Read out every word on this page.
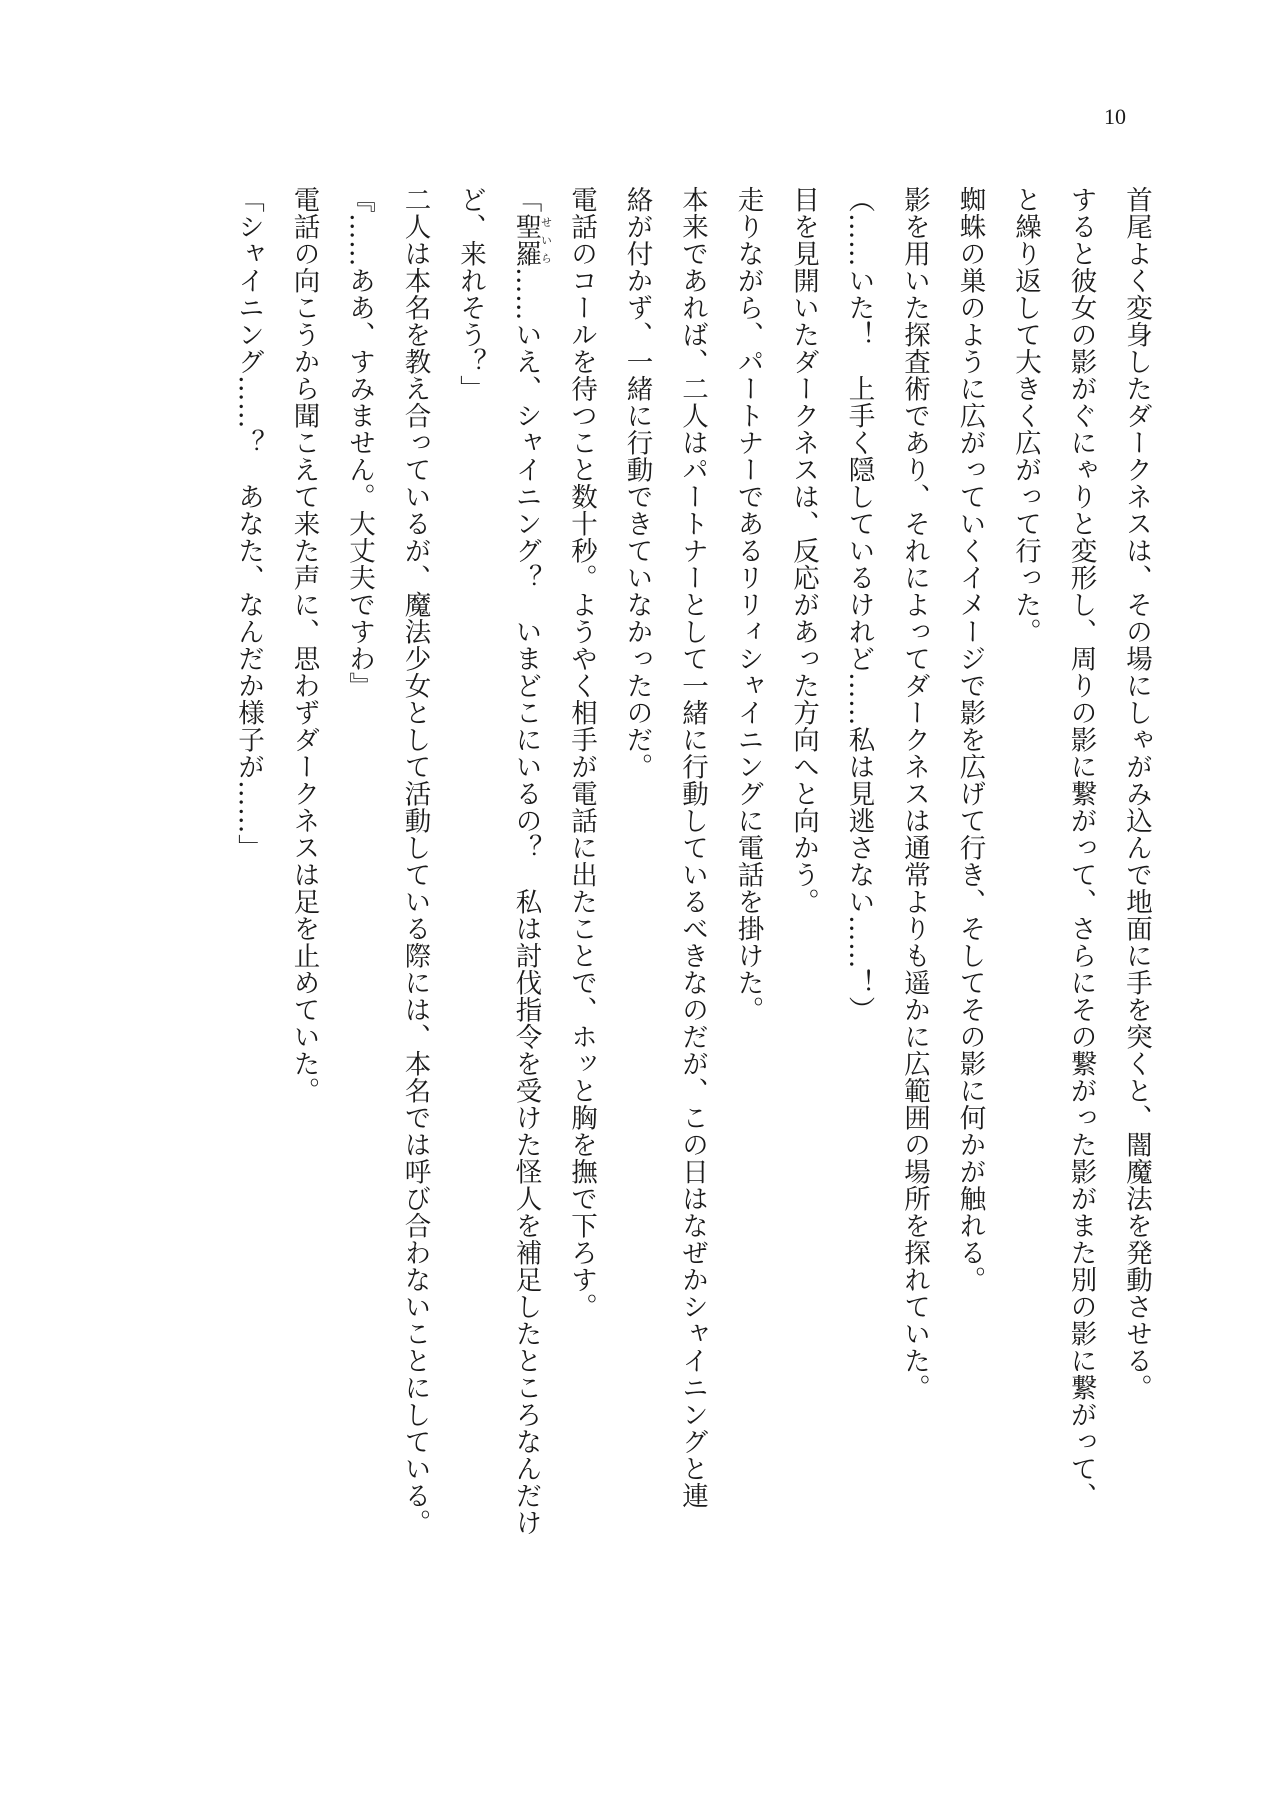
10

首尾よく変身したダークネスは、その場にしゃがみ込んで地面に手を突くと、闇魔法を発動させる。

すると彼女の影がぐにゃりと変形し、周りの影に繋がって、さらにその繋がった影がまた別の影に繋がって、

と繰り返して大きく広がって行った。

蜘蛛の巣のように広がっていくイメージで影を広げて行き、そしてその影に何かが触れる。

影を用いた探査術であり、それによってダークネスは通常よりも遥かに広範囲の場所を探れていた。

（……いた！　上手く隠しているけれど……私は見逃さない……！）

目を見開いたダークネスは、反応があった方向へと向かう。

走りながら、パートナーであるリリィシャイニングに電話を掛けた。

本来であれば、二人はパートナーとして一緒に行動しているべきなのだが、この日はなぜかシャイニングと連

絡が付かず、一緒に行動できていなかったのだ。

電話のコールを待つこと数十秒。ようやく相手が電話に出たことで、ホッと胸を撫で下ろす。

「聖羅せいら……いえ、シャイニング？　いまどこにいるの？　私は討伐指令を受けた怪人を補足したところなんだけ

ど、来れそう？」

二人は本名を教え合っているが、魔法少女として活動している際には、本名では呼び合わないことにしている。

『……ああ、すみません。大丈夫ですわ』

電話の向こうから聞こえて来た声に、思わずダークネスは足を止めていた。

「シャイニング……？　あなた、なんだか様子が……」
